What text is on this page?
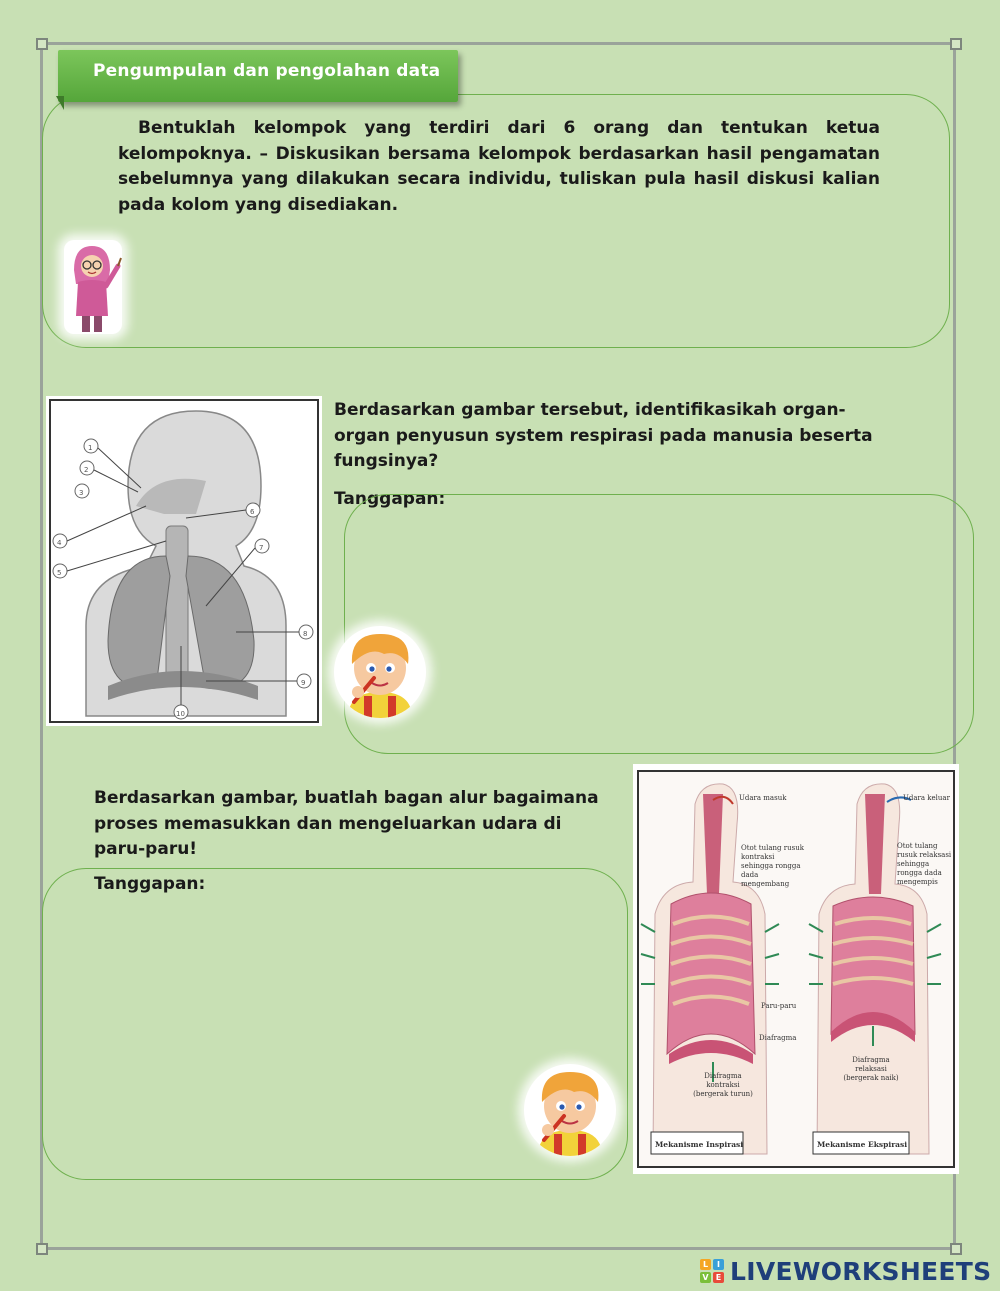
Pengumpulan dan pengolahan data
Bentuklah kelompok yang terdiri dari 6 orang dan tentukan ketua kelompoknya. – Diskusikan bersama kelompok berdasarkan hasil pengamatan sebelumnya yang dilakukan secara individu, tuliskan pula hasil diskusi kalian pada kolom yang disediakan.
1
2
3
4
5
6
7
8
9
10
Berdasarkan gambar tersebut, identifikasikah organ-organ penyusun system respirasi pada manusia beserta fungsinya?
Tanggapan:
Berdasarkan gambar, buatlah bagan alur bagaimana proses memasukkan dan mengeluarkan udara di paru-paru!
Tanggapan:
Udara masuk
Otot tulang rusuk kontraksi sehingga rongga dada mengembang
Paru-paru
Diafragma
Diafragma kontraksi (bergerak turun)
Udara keluar
Otot tulang rusuk relaksasi sehingga rongga dada mengempis
Diafragma relaksasi (bergerak naik)
Mekanisme Inspirasi	Mekanisme Ekspirasi
L	I
V E LIVEWORKSHEETS
